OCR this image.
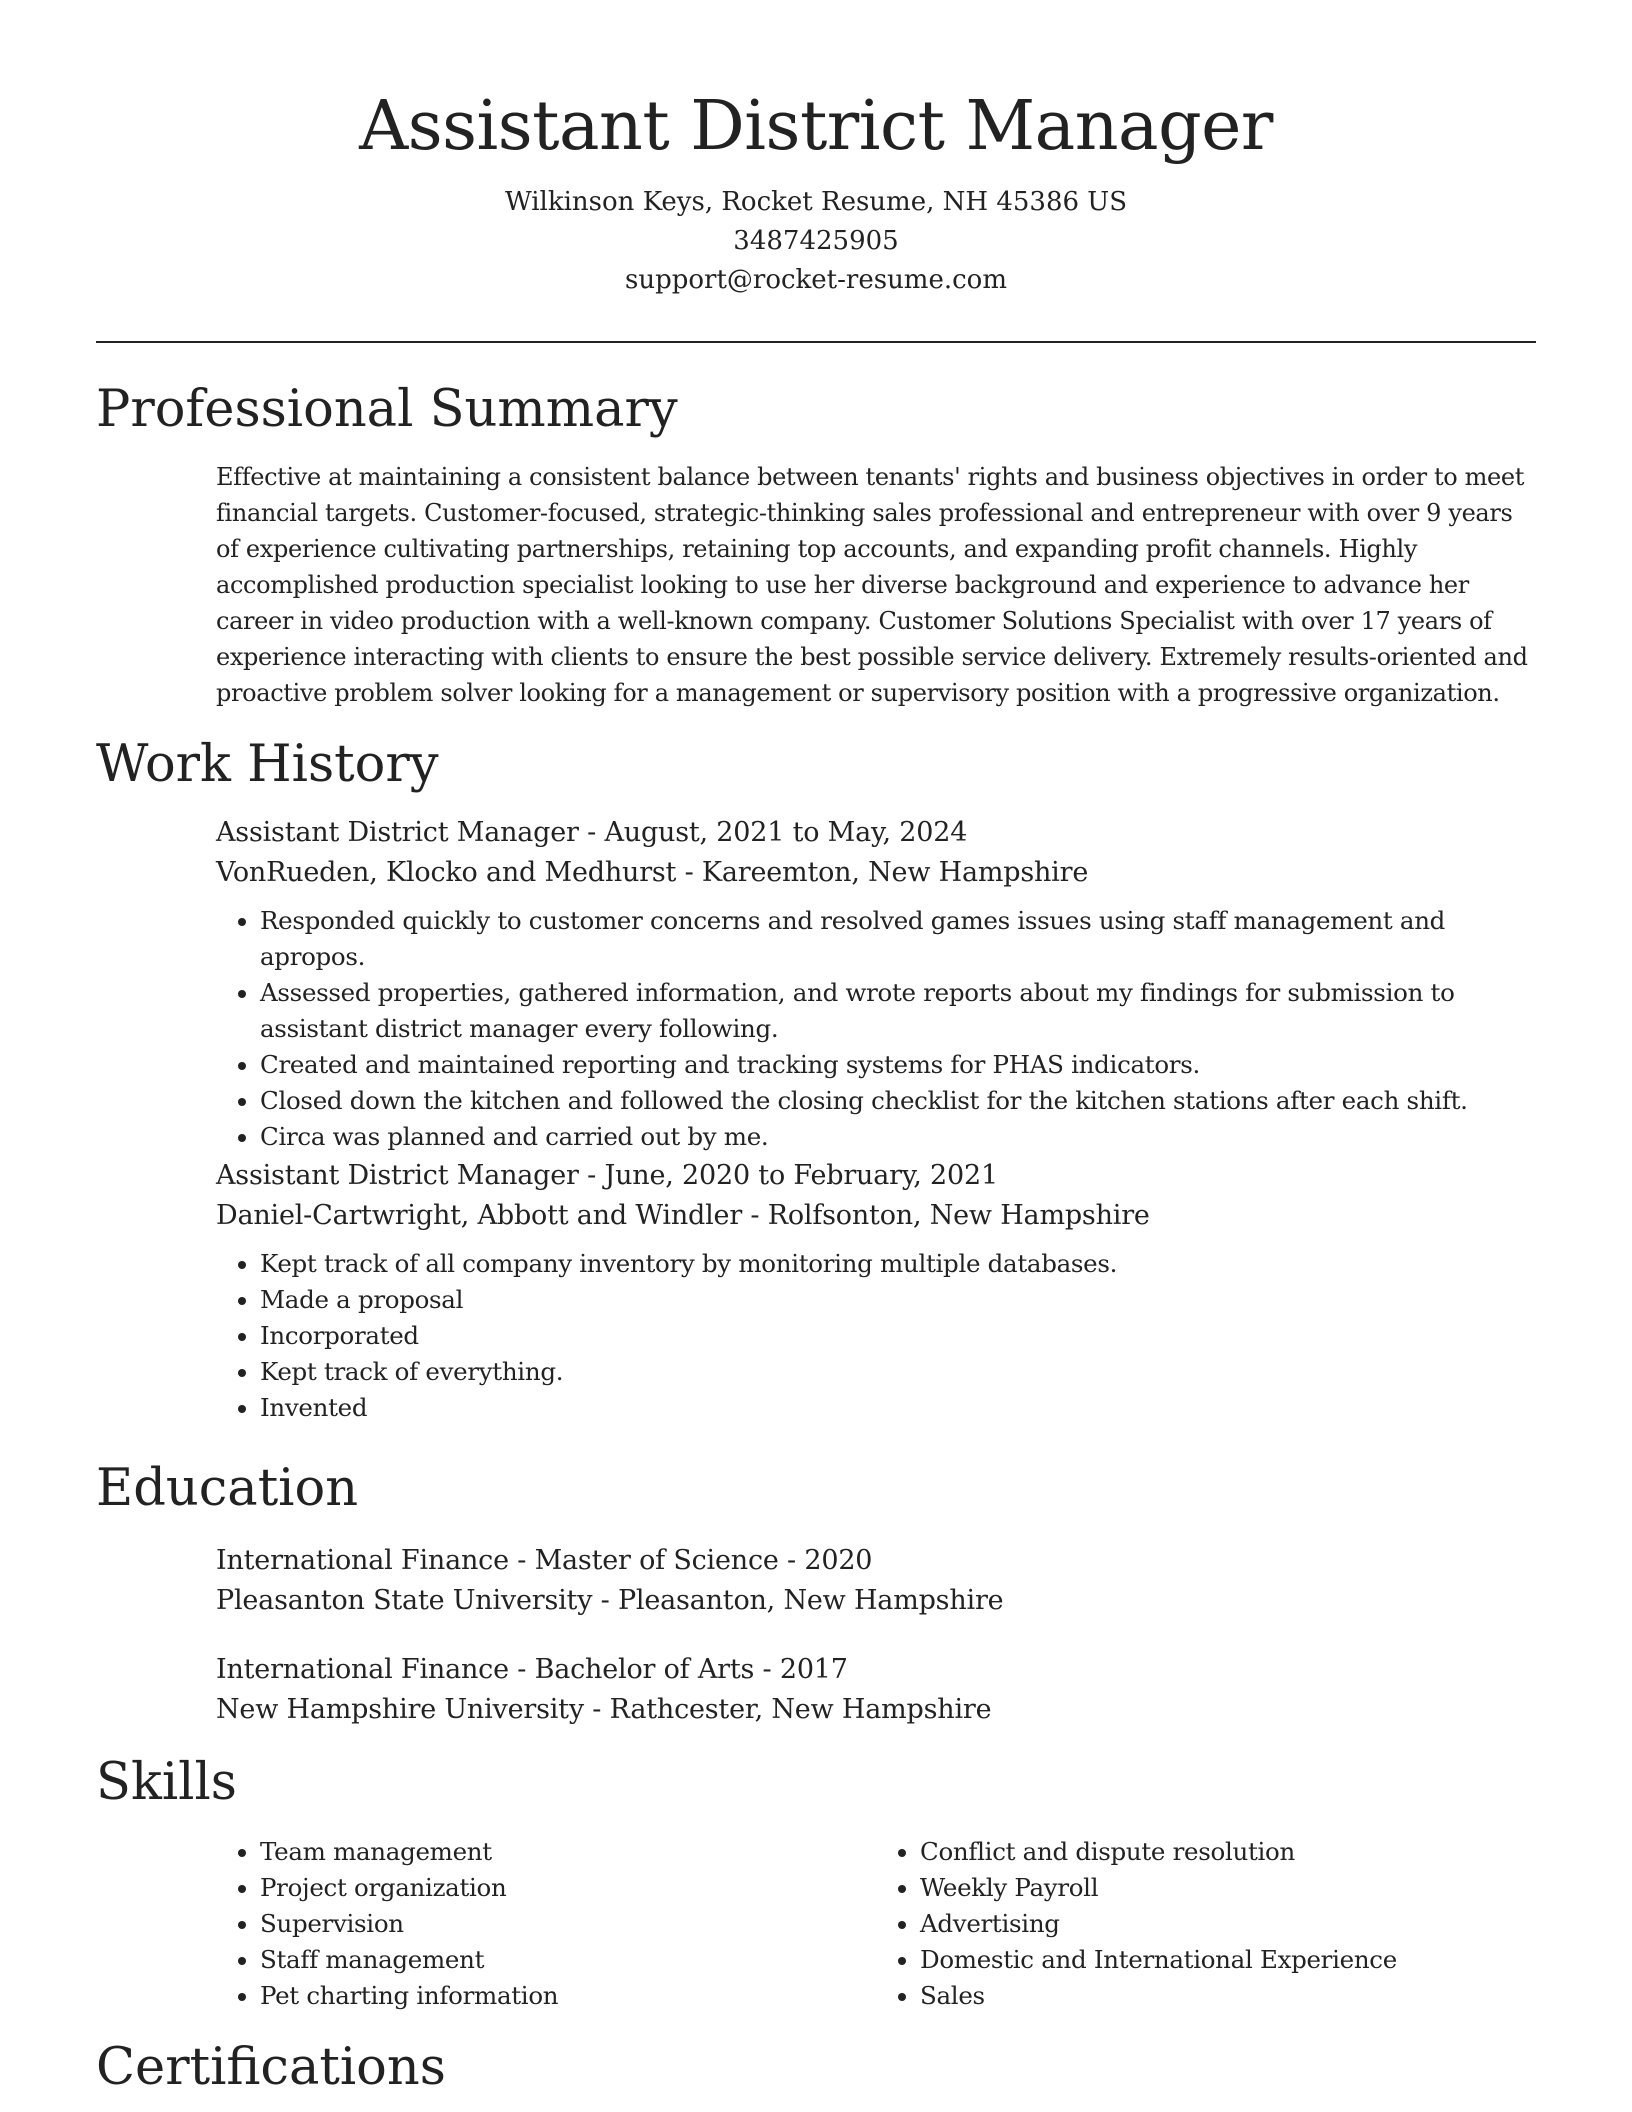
Assistant District Manager
Wilkinson Keys, Rocket Resume, NH 45386 US
3487425905
support@rocket-resume.com
Professional Summary

Effective at maintaining a consistent balance between tenants' rights and business objectives in order to meet financial targets. Customer-focused, strategic-thinking sales professional and entrepreneur with over 9 years of experience cultivating partnerships, retaining top accounts, and expanding profit channels. Highly accomplished production specialist looking to use her diverse background and experience to advance her career in video production with a well-known company. Customer Solutions Specialist with over 17 years of experience interacting with clients to ensure the best possible service delivery. Extremely results-oriented and proactive problem solver looking for a management or supervisory position with a progressive organization.

Work History
Assistant District Manager - August, 2021 to May, 2024
VonRueden, Klocko and Medhurst - Kareemton, New Hampshire
• Responded quickly to customer concerns and resolved games issues using staff management and apropos.
• Assessed properties, gathered information, and wrote reports about my findings for submission to assistant district manager every following.
• Created and maintained reporting and tracking systems for PHAS indicators.
• Closed down the kitchen and followed the closing checklist for the kitchen stations after each shift.
• Circa was planned and carried out by me.
Assistant District Manager - June, 2020 to February, 2021
Daniel-Cartwright, Abbott and Windler - Rolfsonton, New Hampshire
• Kept track of all company inventory by monitoring multiple databases.
• Made a proposal
• Incorporated
• Kept track of everything.
• Invented
Education
International Finance - Master of Science - 2020
Pleasanton State University - Pleasanton, New Hampshire
International Finance - Bachelor of Arts - 2017
New Hampshire University - Rathcester, New Hampshire
Skills
• Team management
• Project organization
• Supervision
• Staff management
• Pet charting information
• Conflict and dispute resolution
• Weekly Payroll
• Advertising
• Domestic and International Experience
• Sales
Certifications
